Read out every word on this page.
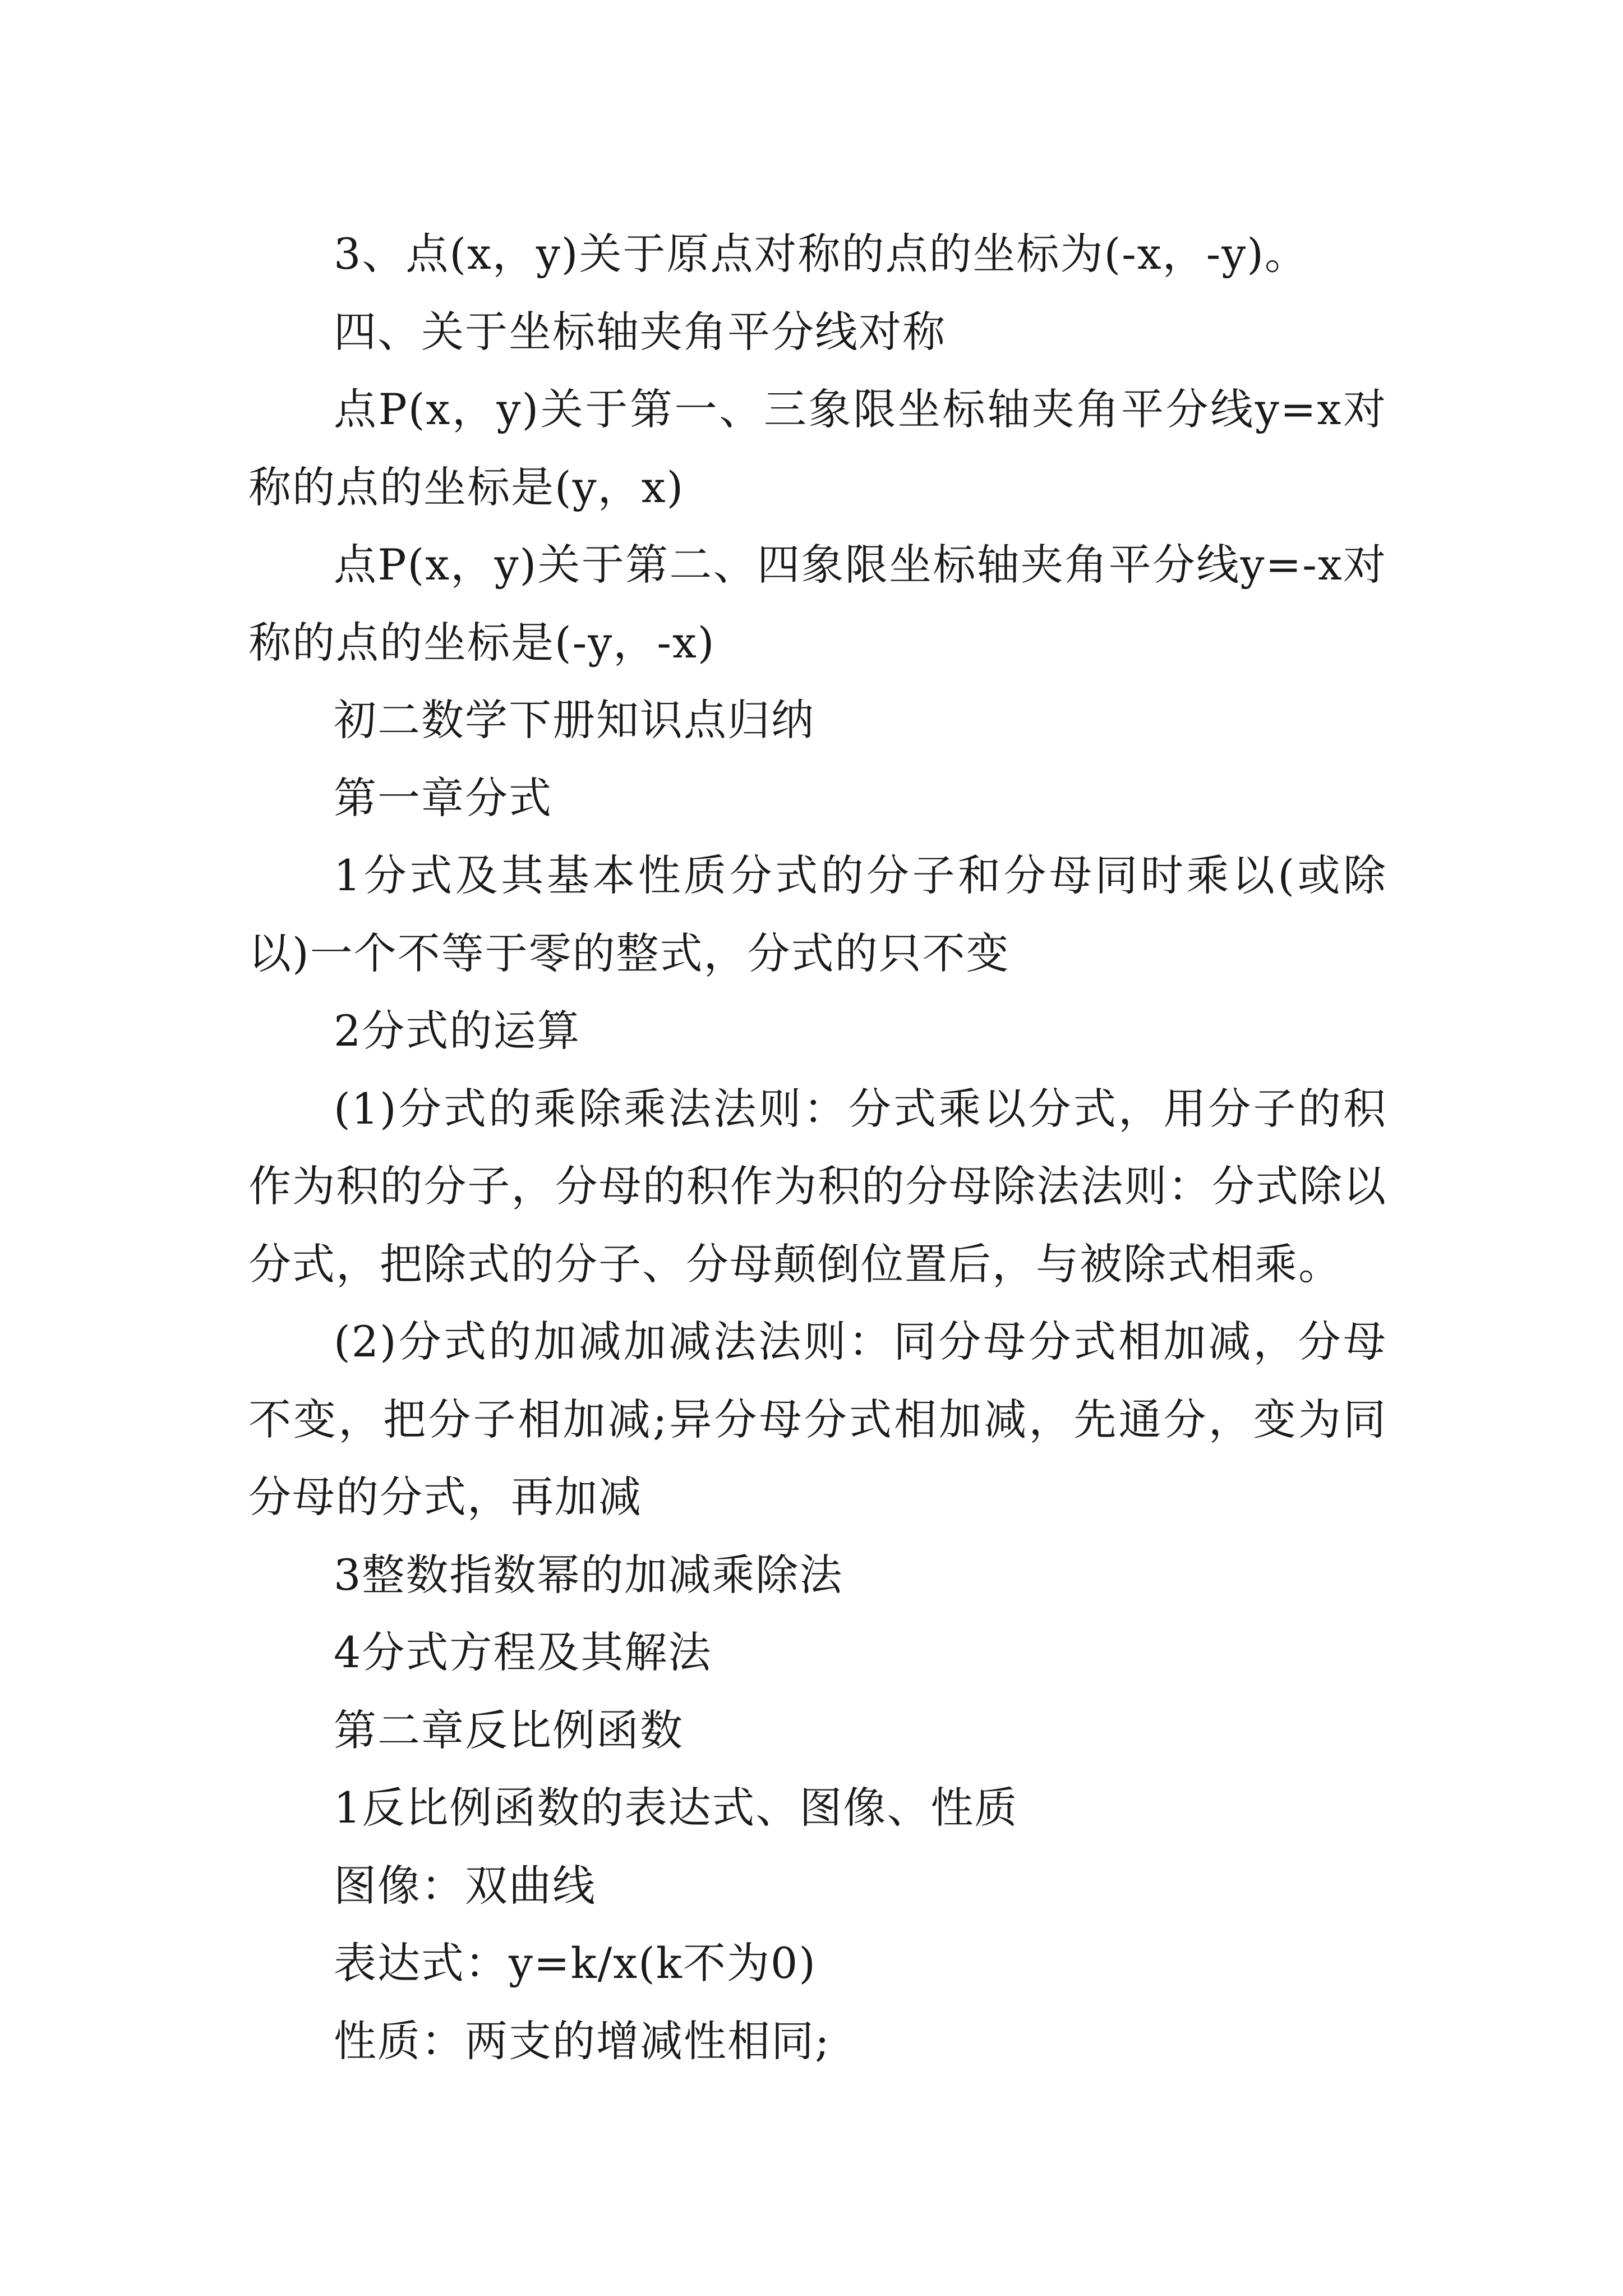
3、点(x，y)关于原点对称的点的坐标为(-x，-y)。

四、关于坐标轴夹角平分线对称

点P(x，y)关于第一、三象限坐标轴夹角平分线y=x对称的点的坐标是(y，x)

点P(x，y)关于第二、四象限坐标轴夹角平分线y=-x对称的点的坐标是(-y，-x)

初二数学下册知识点归纳

第一章分式

1分式及其基本性质分式的分子和分母同时乘以(或除以)一个不等于零的整式，分式的只不变

2分式的运算

(1)分式的乘除乘法法则：分式乘以分式，用分子的积作为积的分子，分母的积作为积的分母除法法则：分式除以分式，把除式的分子、分母颠倒位置后，与被除式相乘。

(2)分式的加减加减法法则：同分母分式相加减，分母不变，把分子相加减;异分母分式相加减，先通分，变为同分母的分式，再加减

3整数指数幂的加减乘除法

4分式方程及其解法

第二章反比例函数

1反比例函数的表达式、图像、性质

图像：双曲线

表达式：y=k/x(k不为0)

性质：两支的增减性相同;
